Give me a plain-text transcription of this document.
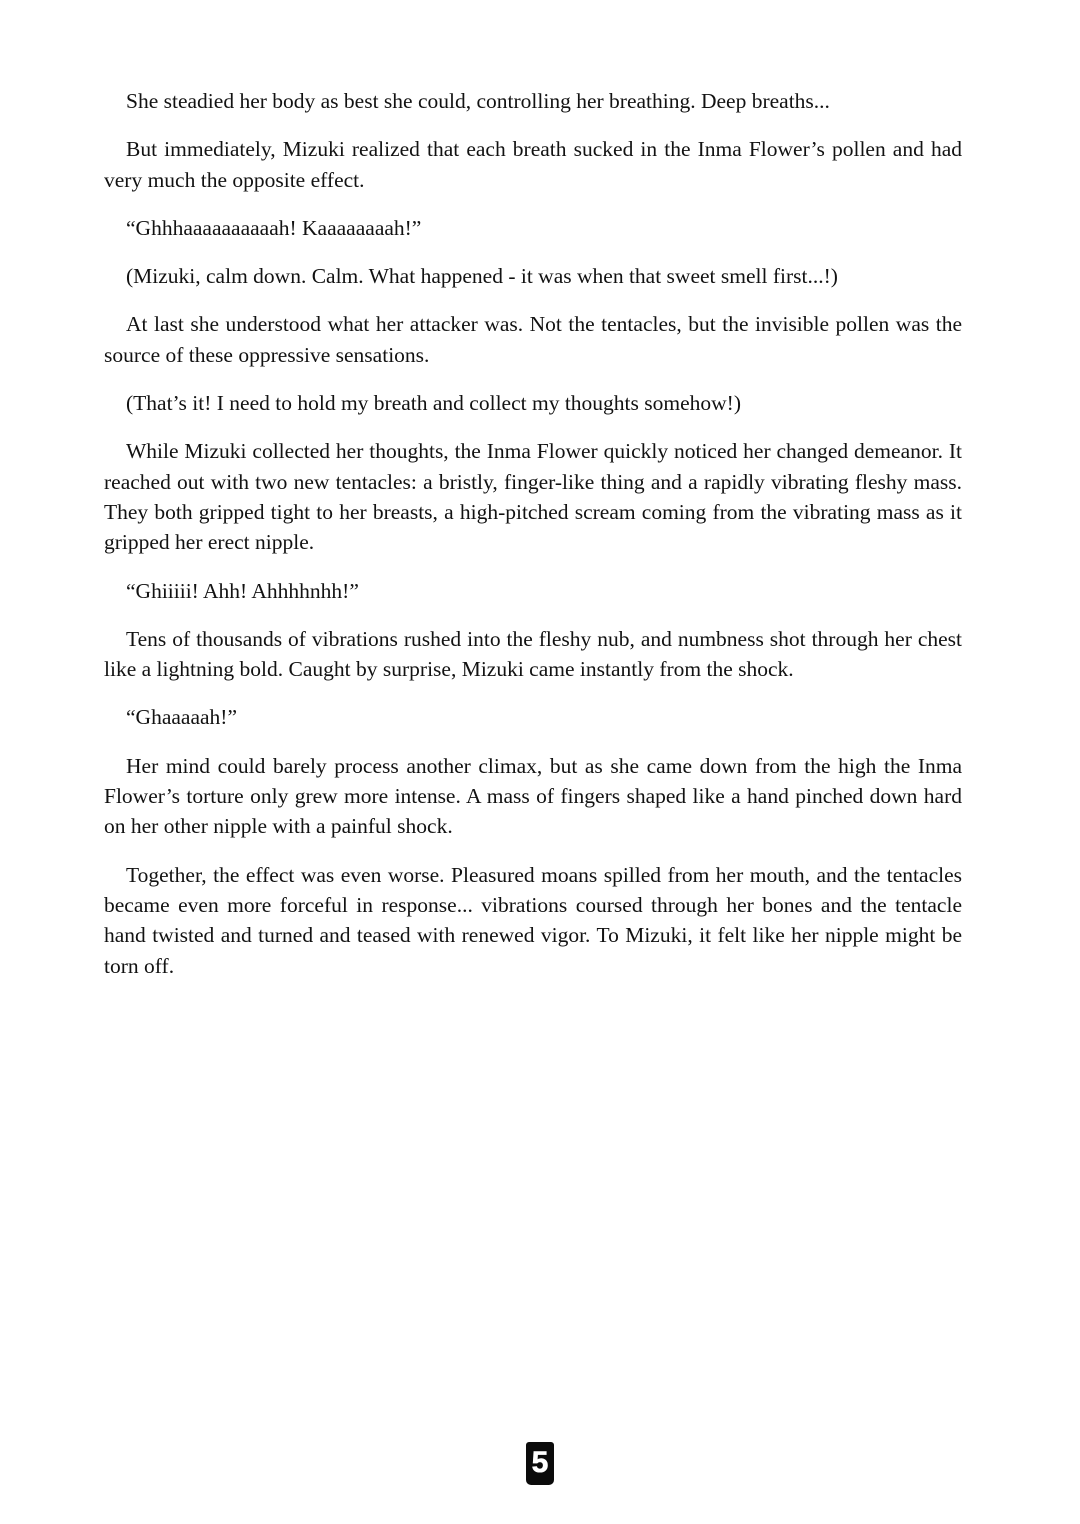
She steadied her body as best she could, controlling her breathing. Deep breaths...

But immediately, Mizuki realized that each breath sucked in the Inma Flower’s pollen and had very much the opposite effect.

“Ghhhaaaaaaaaaah! Kaaaaaaaah!”

(Mizuki, calm down. Calm. What happened - it was when that sweet smell first...!)

At last she understood what her attacker was. Not the tentacles, but the invisible pollen was the source of these oppressive sensations.

(That’s it! I need to hold my breath and collect my thoughts somehow!)

While Mizuki collected her thoughts, the Inma Flower quickly noticed her changed demeanor. It reached out with two new tentacles: a bristly, finger-like thing and a rapidly vibrating fleshy mass. They both gripped tight to her breasts, a high-pitched scream coming from the vibrating mass as it gripped her erect nipple.

“Ghiiiii! Ahh! Ahhhhnhh!”

Tens of thousands of vibrations rushed into the fleshy nub, and numbness shot through her chest like a lightning bold. Caught by surprise, Mizuki came instantly from the shock.

“Ghaaaaah!”

Her mind could barely process another climax, but as she came down from the high the Inma Flower’s torture only grew more intense. A mass of fingers shaped like a hand pinched down hard on her other nipple with a painful shock.

Together, the effect was even worse. Pleasured moans spilled from her mouth, and the tentacles became even more forceful in response... vibrations coursed through her bones and the tentacle hand twisted and turned and teased with renewed vigor. To Mizuki, it felt like her nipple might be torn off.

5
